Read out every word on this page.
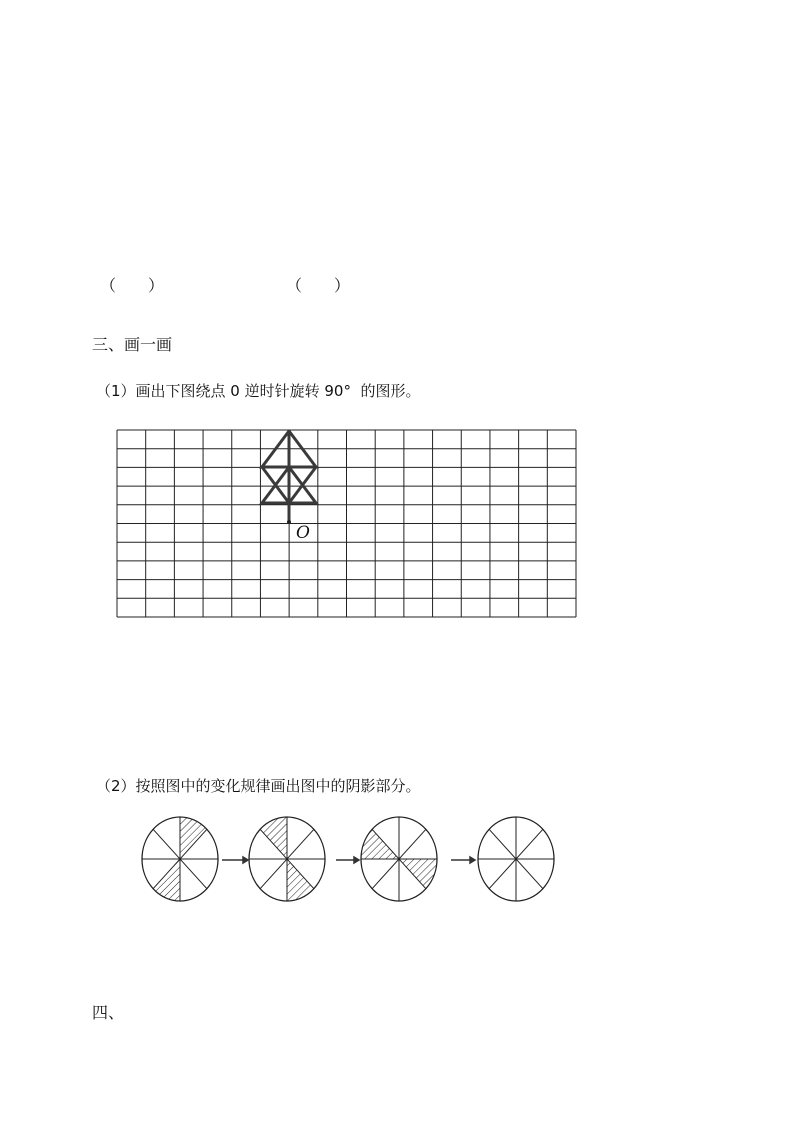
（　　）	（　　）
三、画一画
（1）画出下图绕点 0 逆时针旋转 90°  的图形。
O
（2）按照图中的变化规律画出图中的阴影部分。
四、
